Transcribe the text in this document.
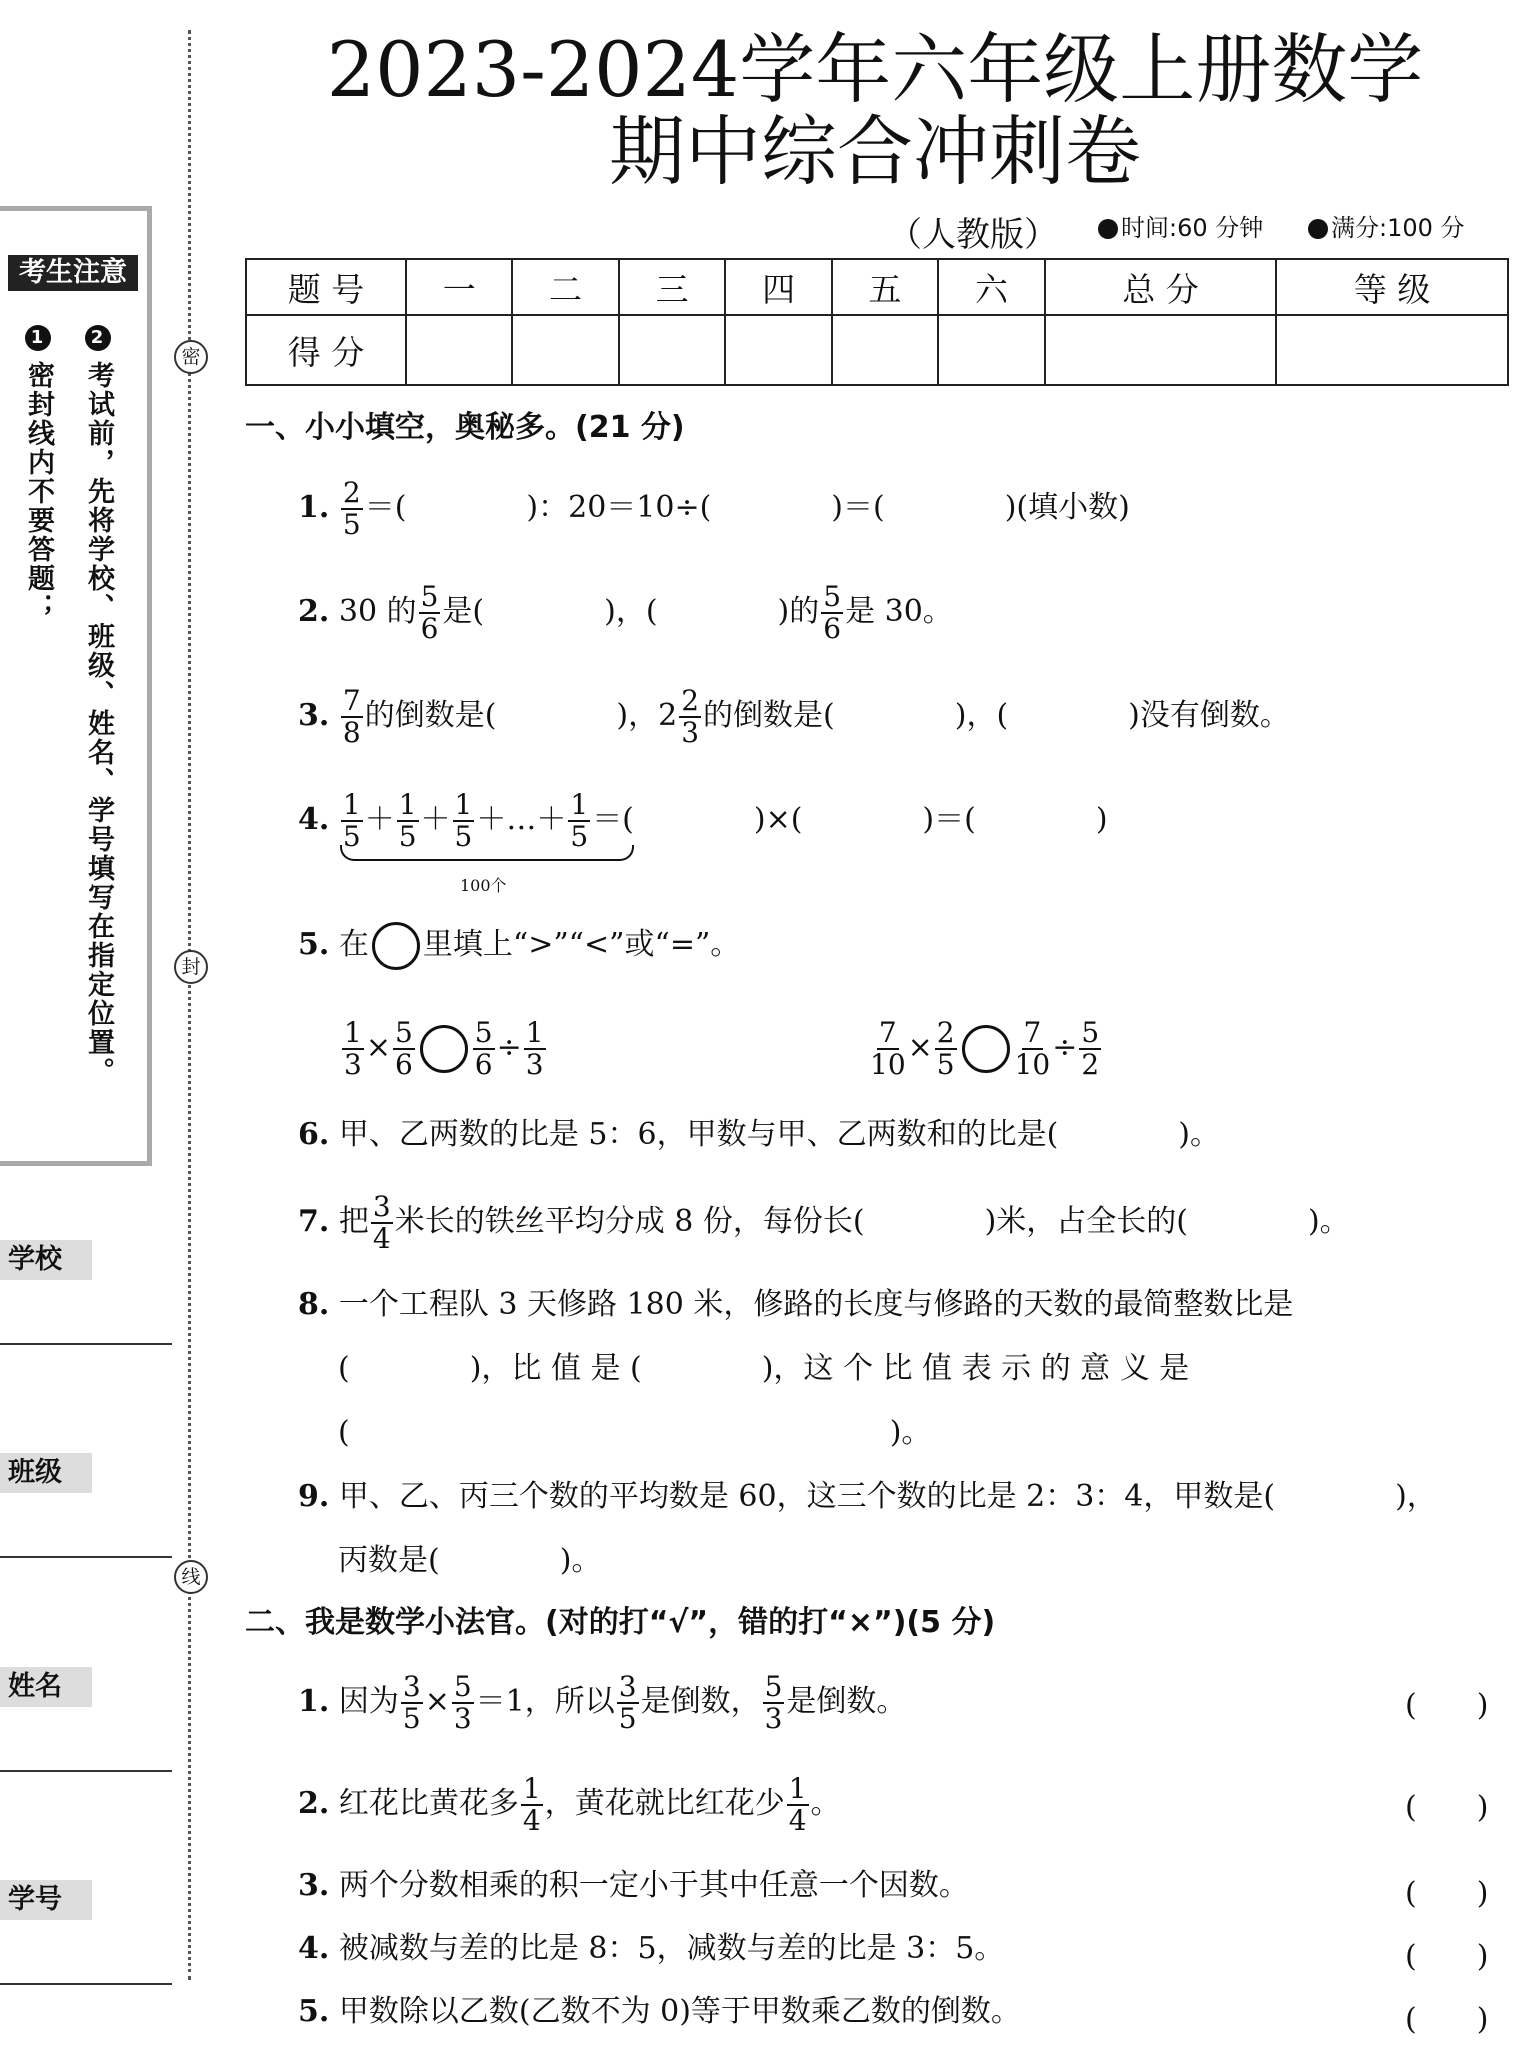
考生注意
1密封线内不要答题；
2考试前，先将学校、班级、姓名、学号填写在指定位置。
学校
班级
姓名
学号
密
封
线
2023-2024学年六年级上册数学
期中综合冲刺卷
（人教版）	时间:60 分钟	满分:100 分
题 号	一	二	三	四	五	六	总 分	等 级
得 分								
一、小小填空，奥秘多。(21 分)
1. $\frac{2}{5}$ ＝(　　　　)：20＝10÷(　　　　)＝(　　　　)(填小数)
2. 30 的 $\frac{5}{6}$ 是(　　　　)，(　　　　)的 $\frac{5}{6}$ 是 30。
3. $\frac{7}{8}$ 的倒数是(　　　　)，$2 \frac{2}{3}$ 的倒数是(　　　　)，(　　　　)没有倒数。
4. $\frac{1}{5} + \frac{1}{5} + \frac{1}{5}$ ＋…＋ $\frac{1}{5}$ ＝(　　　　)×(　　　　)＝(　　　　)
100个
5. 在 里填上“>”“<”或“=”。
$\frac{1}{3} \times \frac{5}{6} \frac{5}{6} \div \frac{1}{3}$	$\frac{7}{10} \times \frac{2}{5} \frac{7}{10} \div \frac{5}{2}$
6. 甲、乙两数的比是 5：6，甲数与甲、乙两数和的比是(　　　　)。
7. 把 $\frac{3}{4}$ 米长的铁丝平均分成 8 份，每份长(　　　　)米，占全长的(　　　　)。
8. 一个工程队 3 天修路 180 米，修路的长度与修路的天数的最简整数比是
(　　　　)，比 值 是 (　　　　)，这 个 比 值 表 示 的 意 义 是
(　　　　　　　　　　　　　　　　　　)。
9. 甲、乙、丙三个数的平均数是 60，这三个数的比是 2：3：4，甲数是(　　　　)，
丙数是(　　　　)。
二、我是数学小法官。(对的打“√”，错的打“×”)(5 分)
1. 因为 $\frac{3}{5} \times \frac{5}{3} =1$，所以 $\frac{3}{5}$ 是倒数， $\frac{5}{3}$ 是倒数。	(　　)
2. 红花比黄花多 $\frac{1}{4}$ ，黄花就比红花少 $\frac{1}{4}$ 。	(　　)
3. 两个分数相乘的积一定小于其中任意一个因数。	(　　)
4. 被减数与差的比是 8：5，减数与差的比是 3：5。	(　　)
5. 甲数除以乙数(乙数不为 0)等于甲数乘乙数的倒数。	(　　)
